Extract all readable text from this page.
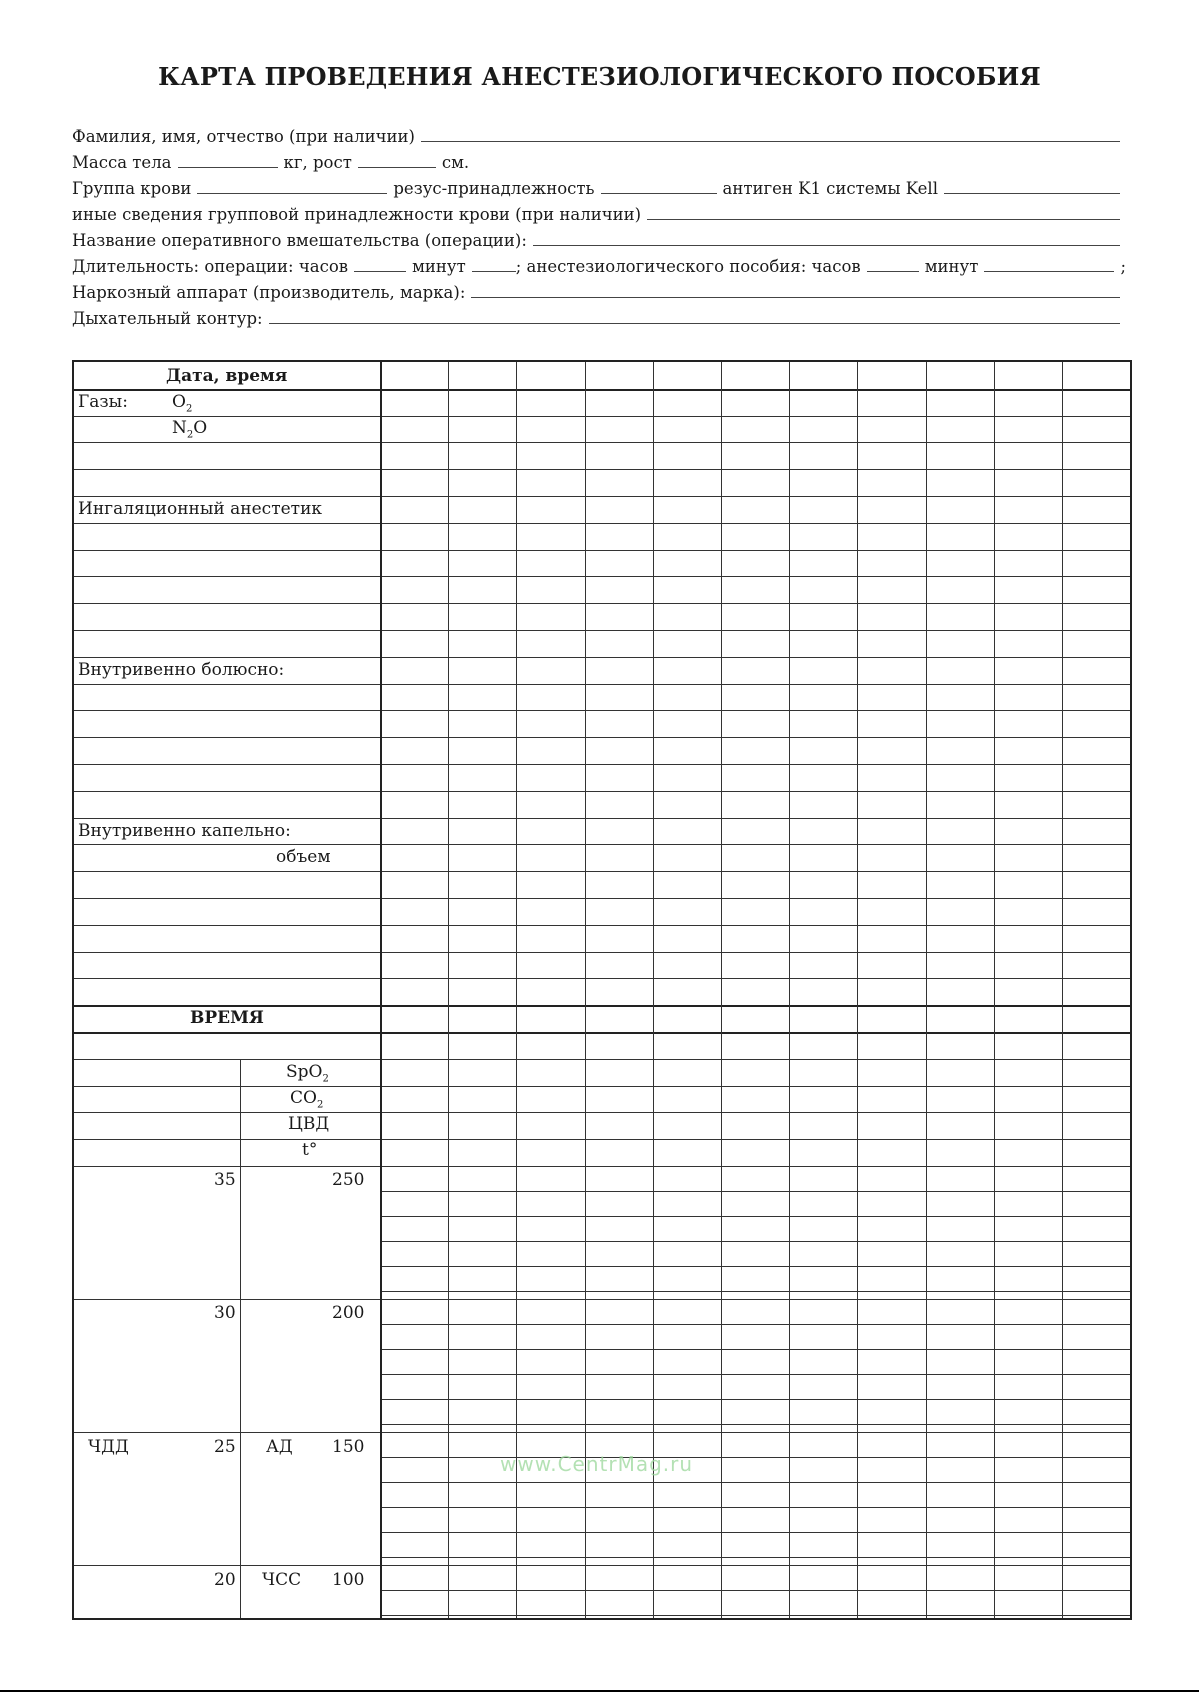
КАРТА ПРОВЕДЕНИЯ АНЕСТЕЗИОЛОГИЧЕСКОГО ПОСОБИЯ
Фамилия, имя, отчество (при наличии)
Масса тела	кг, рост	см.
Группа крови	резус-принадлежность	антиген K1 системы Kell
иные сведения групповой принадлежности крови (при наличии)
Название оперативного вмешательства (операции):
Длительность: операции: часов	минут	; анестезиологического пособия: часов	минут	;
Наркозный аппарат (производитель, марка):
Дыхательный контур:
Дата, время
Газы:	$O_2$
$N_2O$
Ингаляционный анестетик
Внутривенно болюсно:
Внутривенно капельно:
объем
ВРЕМЯ
SpO$_2$
$CO_2$
ЦВД
t°
35	250
30	200
ЧДД	25 АД 150
20 ЧСС 100
www.CentrMag.ru
